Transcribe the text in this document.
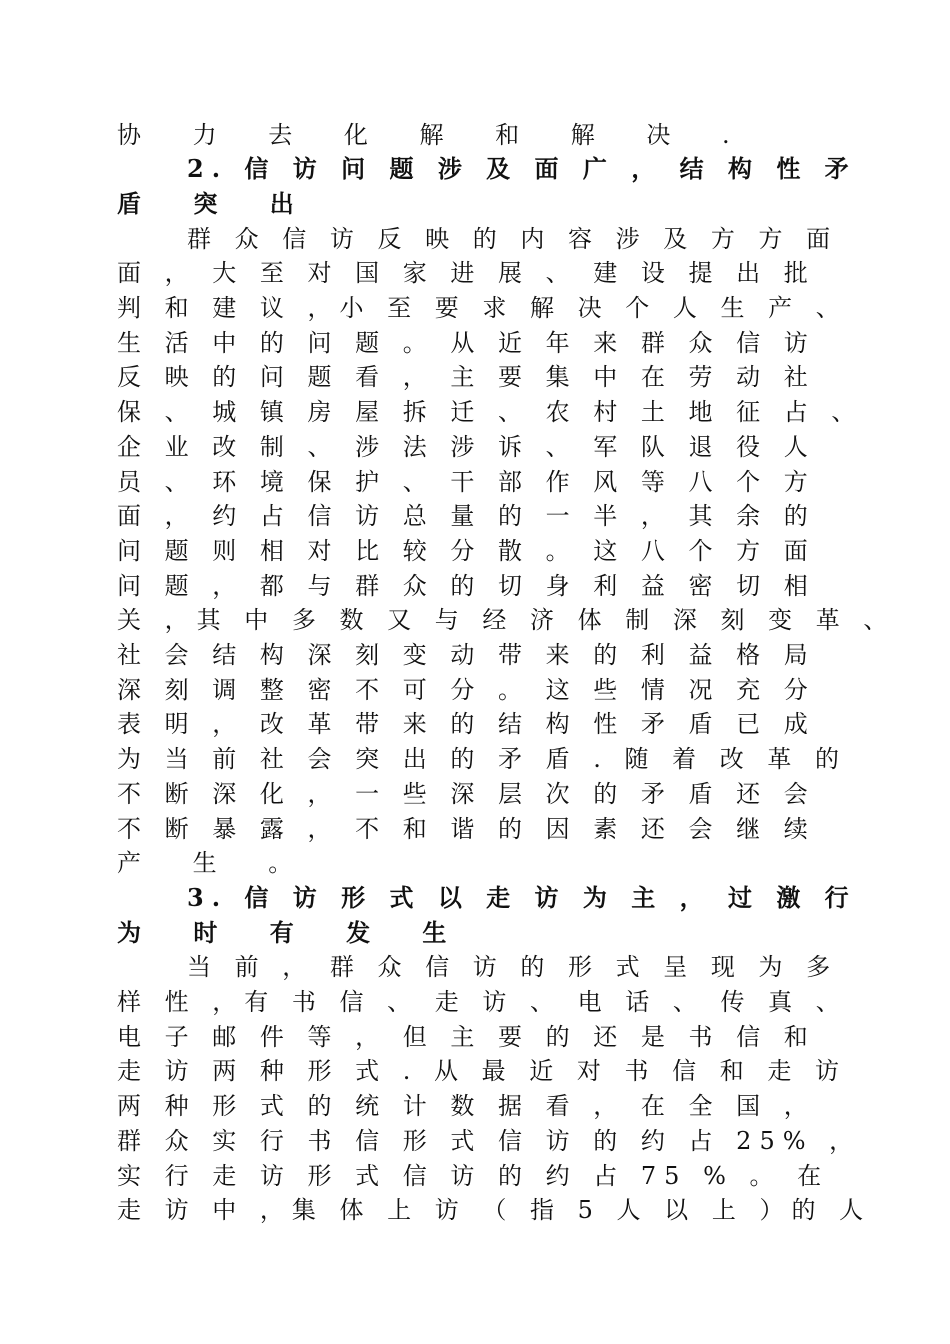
协 力 去 化 解 和 解 决 .
2. 信 访 问 题 涉 及 面 广 ， 结 构 性 矛
盾 突 出
群 众 信 访 反 映 的 内 容 涉 及 方 方 面
面 ， 大 至 对 国 家 进 展 、 建 设 提 出 批
判 和 建 议 ，小 至 要 求 解 决 个 人 生 产 、
生 活 中 的 问 题 。 从 近 年 来 群 众 信 访
反 映 的 问 题 看 ， 主 要 集 中 在 劳 动 社
保 、 城 镇 房 屋 拆 迁 、 农 村 土 地 征 占 、
企 业 改 制 、 涉 法 涉 诉 、 军 队 退 役 人
员 、 环 境 保 护 、 干 部 作 风 等 八 个 方
面 ， 约 占 信 访 总 量 的 一 半 ， 其 余 的
问 题 则 相 对 比 较 分 散 。 这 八 个 方 面
问 题 ， 都 与 群 众 的 切 身 利 益 密 切 相
关 ，其 中 多 数 又 与 经 济 体 制 深 刻 变 革 、
社 会 结 构 深 刻 变 动 带 来 的 利 益 格 局
深 刻 调 整 密 不 可 分 。 这 些 情 况 充 分
表 明 ， 改 革 带 来 的 结 构 性 矛 盾 已 成
为 当 前 社 会 突 出 的 矛 盾 . 随 着 改 革 的
不 断 深 化 ， 一 些 深 层 次 的 矛 盾 还 会
不 断 暴 露 ， 不 和 谐 的 因 素 还 会 继 续
产 生 。
3. 信 访 形 式 以 走 访 为 主 ， 过 激 行
为 时 有 发 生
当 前 ， 群 众 信 访 的 形 式 呈 现 为 多
样 性 ，有 书 信 、 走 访 、 电 话 、 传 真 、
电 子 邮 件 等 ， 但 主 要 的 还 是 书 信 和
走 访 两 种 形 式 . 从 最 近 对 书 信 和 走 访
两 种 形 式 的 统 计 数 据 看 ， 在 全 国 ，
群 众 实 行 书 信 形 式 信 访 的 约 占 25% ，
实 行 走 访 形 式 信 访 的 约 占 75 % 。 在
走 访 中 ，集 体 上 访 （ 指 5 人 以 上 ）的 人
